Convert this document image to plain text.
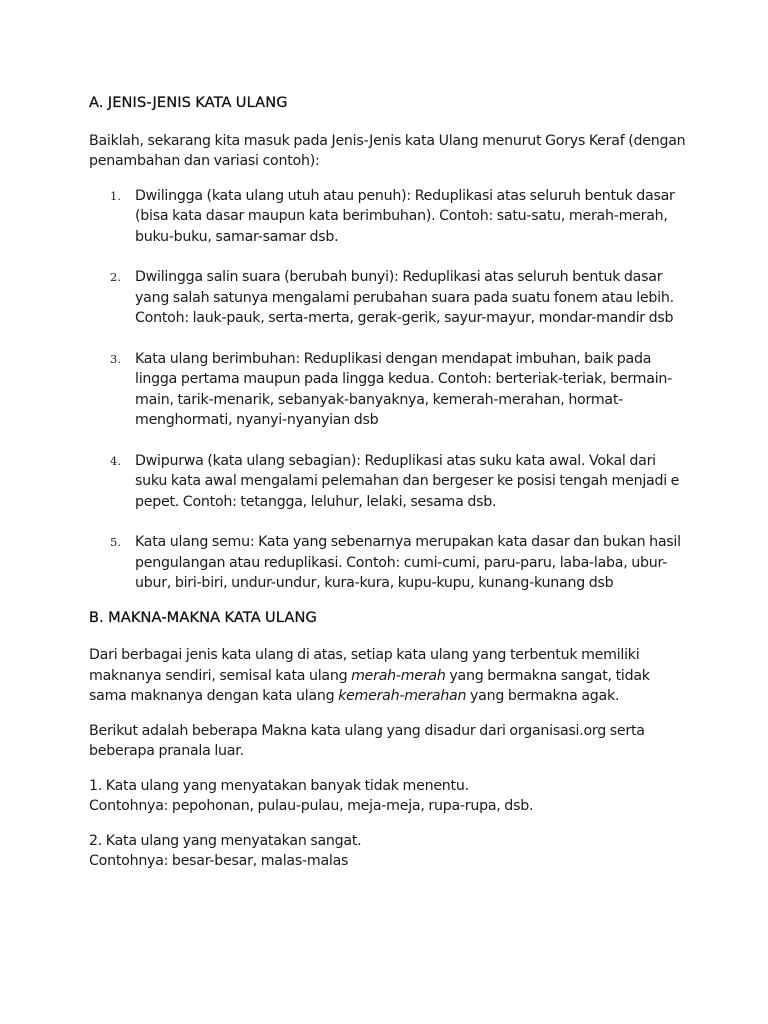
A. JENIS-JENIS KATA ULANG

Baiklah, sekarang kita masuk pada Jenis-Jenis kata Ulang menurut Gorys Keraf (dengan penambahan dan variasi contoh):

1. Dwilingga (kata ulang utuh atau penuh): Reduplikasi atas seluruh bentuk dasar (bisa kata dasar maupun kata berimbuhan). Contoh: satu-satu, merah-merah, buku-buku, samar-samar dsb.
2. Dwilingga salin suara (berubah bunyi): Reduplikasi atas seluruh bentuk dasar yang salah satunya mengalami perubahan suara pada suatu fonem atau lebih. Contoh: lauk-pauk, serta-merta, gerak-gerik, sayur-mayur, mondar-mandir dsb
3. Kata ulang berimbuhan: Reduplikasi dengan mendapat imbuhan, baik pada lingga pertama maupun pada lingga kedua. Contoh: berteriak-teriak, bermain-main, tarik-menarik, sebanyak-banyaknya, kemerah-merahan, hormat-menghormati, nyanyi-nyanyian dsb
4. Dwipurwa (kata ulang sebagian): Reduplikasi atas suku kata awal. Vokal dari suku kata awal mengalami pelemahan dan bergeser ke posisi tengah menjadi e pepet. Contoh: tetangga, leluhur, lelaki, sesama dsb.
5. Kata ulang semu: Kata yang sebenarnya merupakan kata dasar dan bukan hasil pengulangan atau reduplikasi. Contoh: cumi-cumi, paru-paru, laba-laba, ubur-ubur, biri-biri, undur-undur, kura-kura, kupu-kupu, kunang-kunang dsb
B. MAKNA-MAKNA KATA ULANG

Dari berbagai jenis kata ulang di atas, setiap kata ulang yang terbentuk memiliki maknanya sendiri, semisal kata ulang merah-merah yang bermakna sangat, tidak sama maknanya dengan kata ulang kemerah-merahan yang bermakna agak.

Berikut adalah beberapa Makna kata ulang yang disadur dari organisasi.org serta beberapa pranala luar.

1. Kata ulang yang menyatakan banyak tidak menentu.

Contohnya: pepohonan, pulau-pulau, meja-meja, rupa-rupa, dsb.

2. Kata ulang yang menyatakan sangat.

Contohnya: besar-besar, malas-malas
